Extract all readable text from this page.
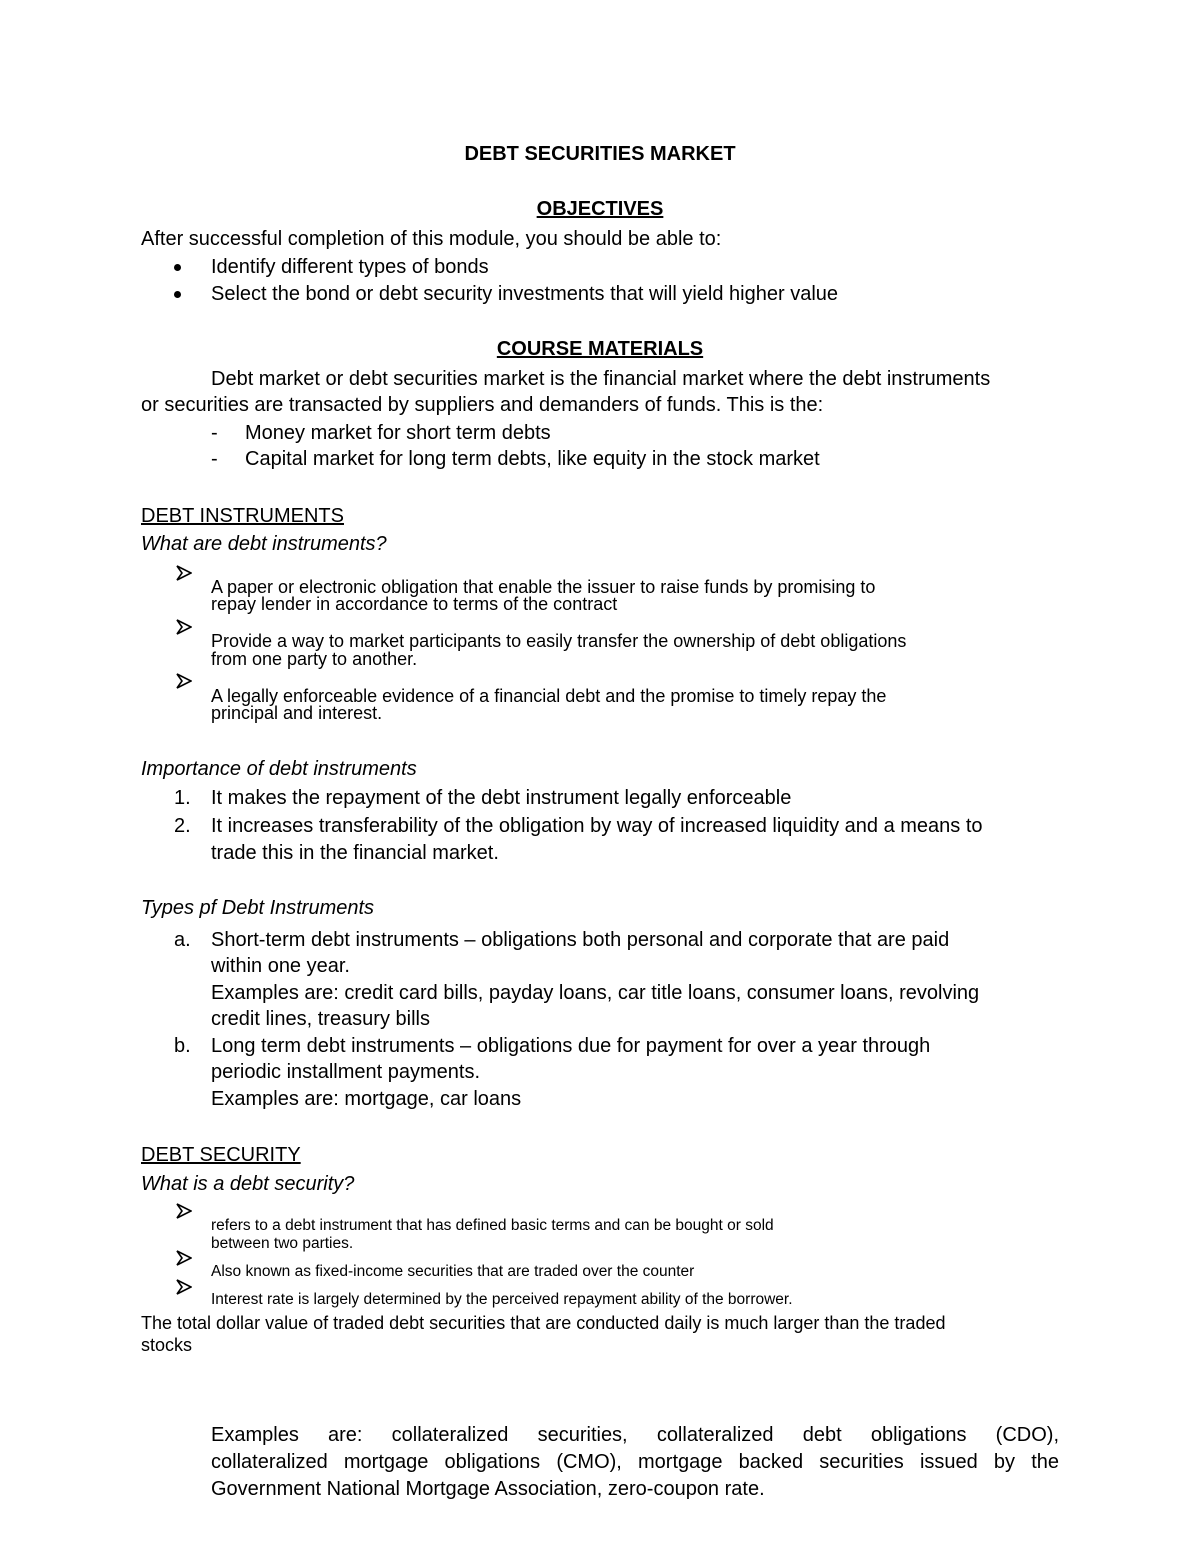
DEBT SECURITIES MARKET

OBJECTIVES

After successful completion of this module, you should be able to:

Identify different types of bonds

Select the bond or debt security investments that will yield higher value

COURSE MATERIALS

Debt market or debt securities market is the financial market where the debt instruments

or securities are transacted by suppliers and demanders of funds. This is the:

- Money market for short term debts

- Capital market for long term debts, like equity in the stock market

DEBT INSTRUMENTS

What are debt instruments?

A paper or electronic obligation that enable the issuer to raise funds by promising to

repay lender in accordance to terms of the contract

Provide a way to market participants to easily transfer the ownership of debt obligations

from one party to another.

A legally enforceable evidence of a financial debt and the promise to timely repay the

principal and interest.

Importance of debt instruments

1. It makes the repayment of the debt instrument legally enforceable

2. It increases transferability of the obligation by way of increased liquidity and a means to

trade this in the financial market.

Types pf Debt Instruments

a. Short-term debt instruments – obligations both personal and corporate that are paid

within one year.

Examples are: credit card bills, payday loans, car title loans, consumer loans, revolving

credit lines, treasury bills

b. Long term debt instruments – obligations due for payment for over a year through

periodic installment payments.

Examples are: mortgage, car loans

DEBT SECURITY

What is a debt security?

refers to a debt instrument that has defined basic terms and can be bought or sold

between two parties.

Also known as fixed-income securities that are traded over the counter

Interest rate is largely determined by the perceived repayment ability of the borrower.

The total dollar value of traded debt securities that are conducted daily is much larger than the traded

stocks

Examples are: collateralized securities, collateralized debt obligations (CDO),

collateralized mortgage obligations (CMO), mortgage backed securities issued by the

Government National Mortgage Association, zero-coupon rate.
